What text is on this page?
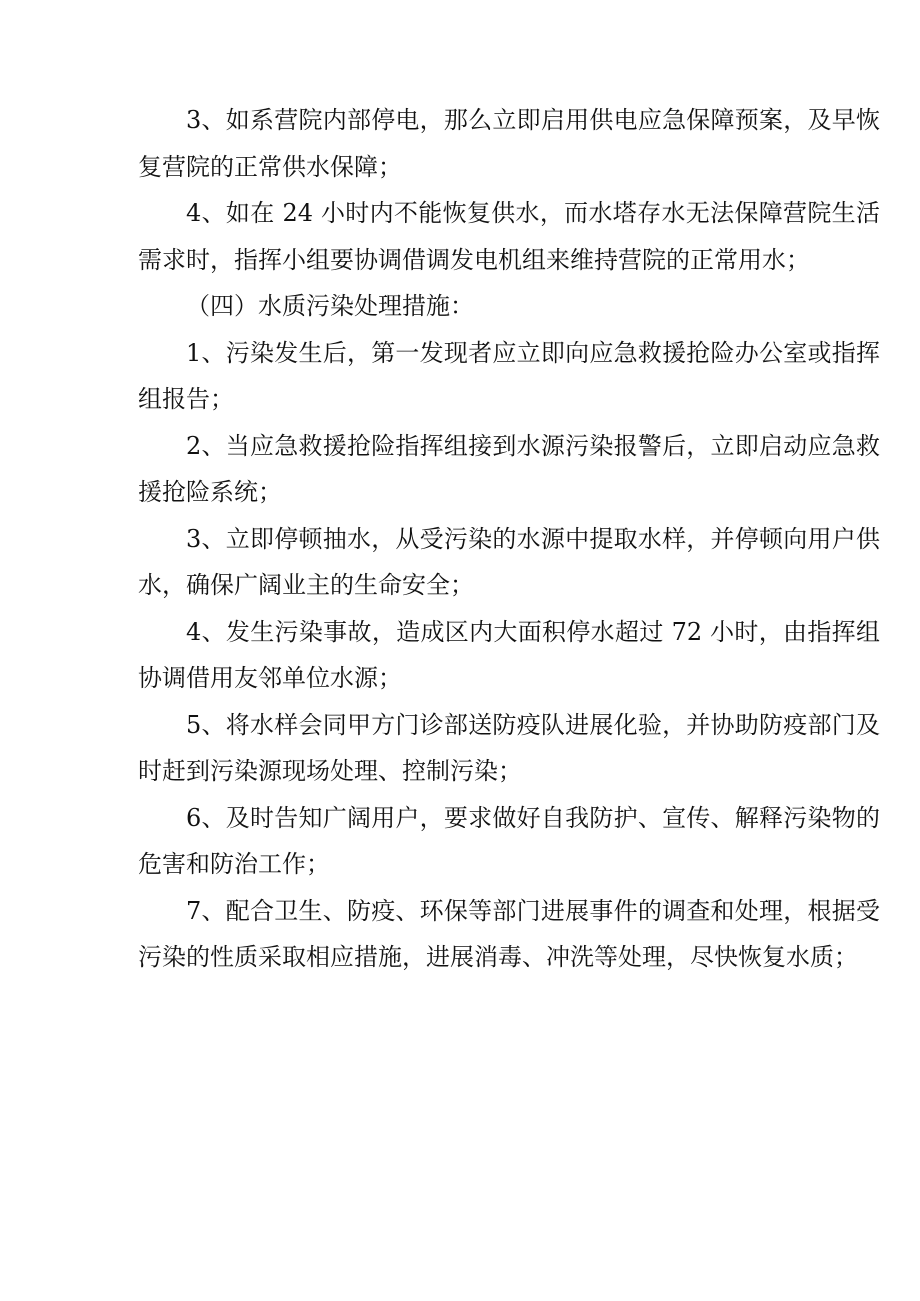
3、如系营院内部停电，那么立即启用供电应急保障预案，及早恢复营院的正常供水保障；

4、如在 24 小时内不能恢复供水，而水塔存水无法保障营院生活需求时，指挥小组要协调借调发电机组来维持营院的正常用水；

（四）水质污染处理措施：

1、污染发生后，第一发现者应立即向应急救援抢险办公室或指挥组报告；

2、当应急救援抢险指挥组接到水源污染报警后，立即启动应急救援抢险系统；

3、立即停顿抽水，从受污染的水源中提取水样，并停顿向用户供水，确保广阔业主的生命安全；

4、发生污染事故，造成区内大面积停水超过 72 小时，由指挥组协调借用友邻单位水源；

5、将水样会同甲方门诊部送防疫队进展化验，并协助防疫部门及时赶到污染源现场处理、控制污染；

6、及时告知广阔用户，要求做好自我防护、宣传、解释污染物的危害和防治工作；

7、配合卫生、防疫、环保等部门进展事件的调查和处理，根据受污染的性质采取相应措施，进展消毒、冲洗等处理，尽快恢复水质；
